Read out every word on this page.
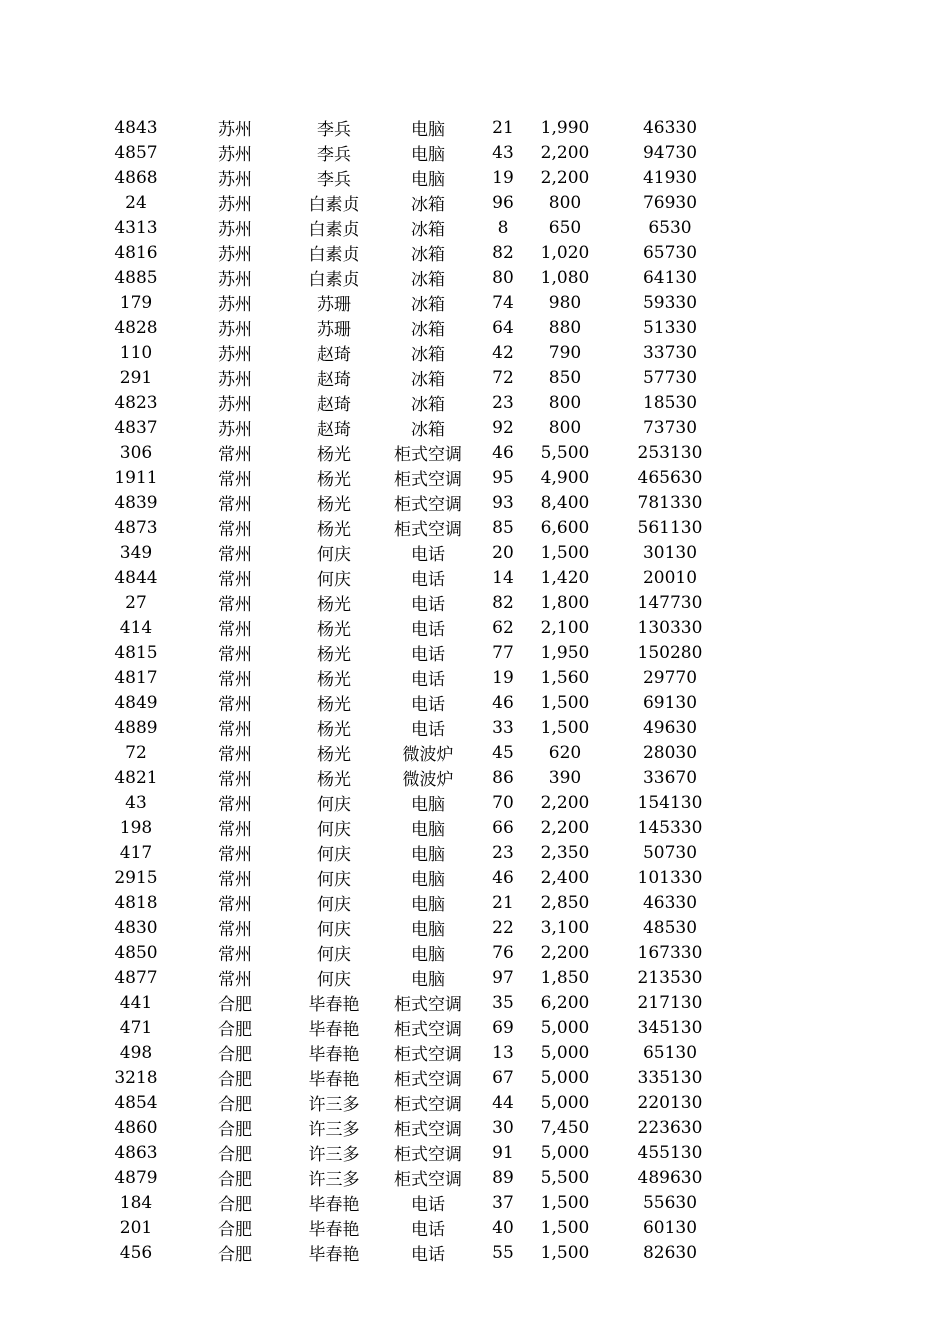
4843	苏州	李兵	电脑	21	1,990	46330
4857	苏州	李兵	电脑	43	2,200	94730
4868	苏州	李兵	电脑	19	2,200	41930
24	苏州	白素贞	冰箱	96	800	76930
4313	苏州	白素贞	冰箱	8	650	6530
4816	苏州	白素贞	冰箱	82	1,020	65730
4885	苏州	白素贞	冰箱	80	1,080	64130
179	苏州	苏珊	冰箱	74	980	59330
4828	苏州	苏珊	冰箱	64	880	51330
110	苏州	赵琦	冰箱	42	790	33730
291	苏州	赵琦	冰箱	72	850	57730
4823	苏州	赵琦	冰箱	23	800	18530
4837	苏州	赵琦	冰箱	92	800	73730
306	常州	杨光	柜式空调	46	5,500	253130
1911	常州	杨光	柜式空调	95	4,900	465630
4839	常州	杨光	柜式空调	93	8,400	781330
4873	常州	杨光	柜式空调	85	6,600	561130
349	常州	何庆	电话	20	1,500	30130
4844	常州	何庆	电话	14	1,420	20010
27	常州	杨光	电话	82	1,800	147730
414	常州	杨光	电话	62	2,100	130330
4815	常州	杨光	电话	77	1,950	150280
4817	常州	杨光	电话	19	1,560	29770
4849	常州	杨光	电话	46	1,500	69130
4889	常州	杨光	电话	33	1,500	49630
72	常州	杨光	微波炉	45	620	28030
4821	常州	杨光	微波炉	86	390	33670
43	常州	何庆	电脑	70	2,200	154130
198	常州	何庆	电脑	66	2,200	145330
417	常州	何庆	电脑	23	2,350	50730
2915	常州	何庆	电脑	46	2,400	101330
4818	常州	何庆	电脑	21	2,850	46330
4830	常州	何庆	电脑	22	3,100	48530
4850	常州	何庆	电脑	76	2,200	167330
4877	常州	何庆	电脑	97	1,850	213530
441	合肥	毕春艳	柜式空调	35	6,200	217130
471	合肥	毕春艳	柜式空调	69	5,000	345130
498	合肥	毕春艳	柜式空调	13	5,000	65130
3218	合肥	毕春艳	柜式空调	67	5,000	335130
4854	合肥	许三多	柜式空调	44	5,000	220130
4860	合肥	许三多	柜式空调	30	7,450	223630
4863	合肥	许三多	柜式空调	91	5,000	455130
4879	合肥	许三多	柜式空调	89	5,500	489630
184	合肥	毕春艳	电话	37	1,500	55630
201	合肥	毕春艳	电话	40	1,500	60130
456	合肥	毕春艳	电话	55	1,500	82630
